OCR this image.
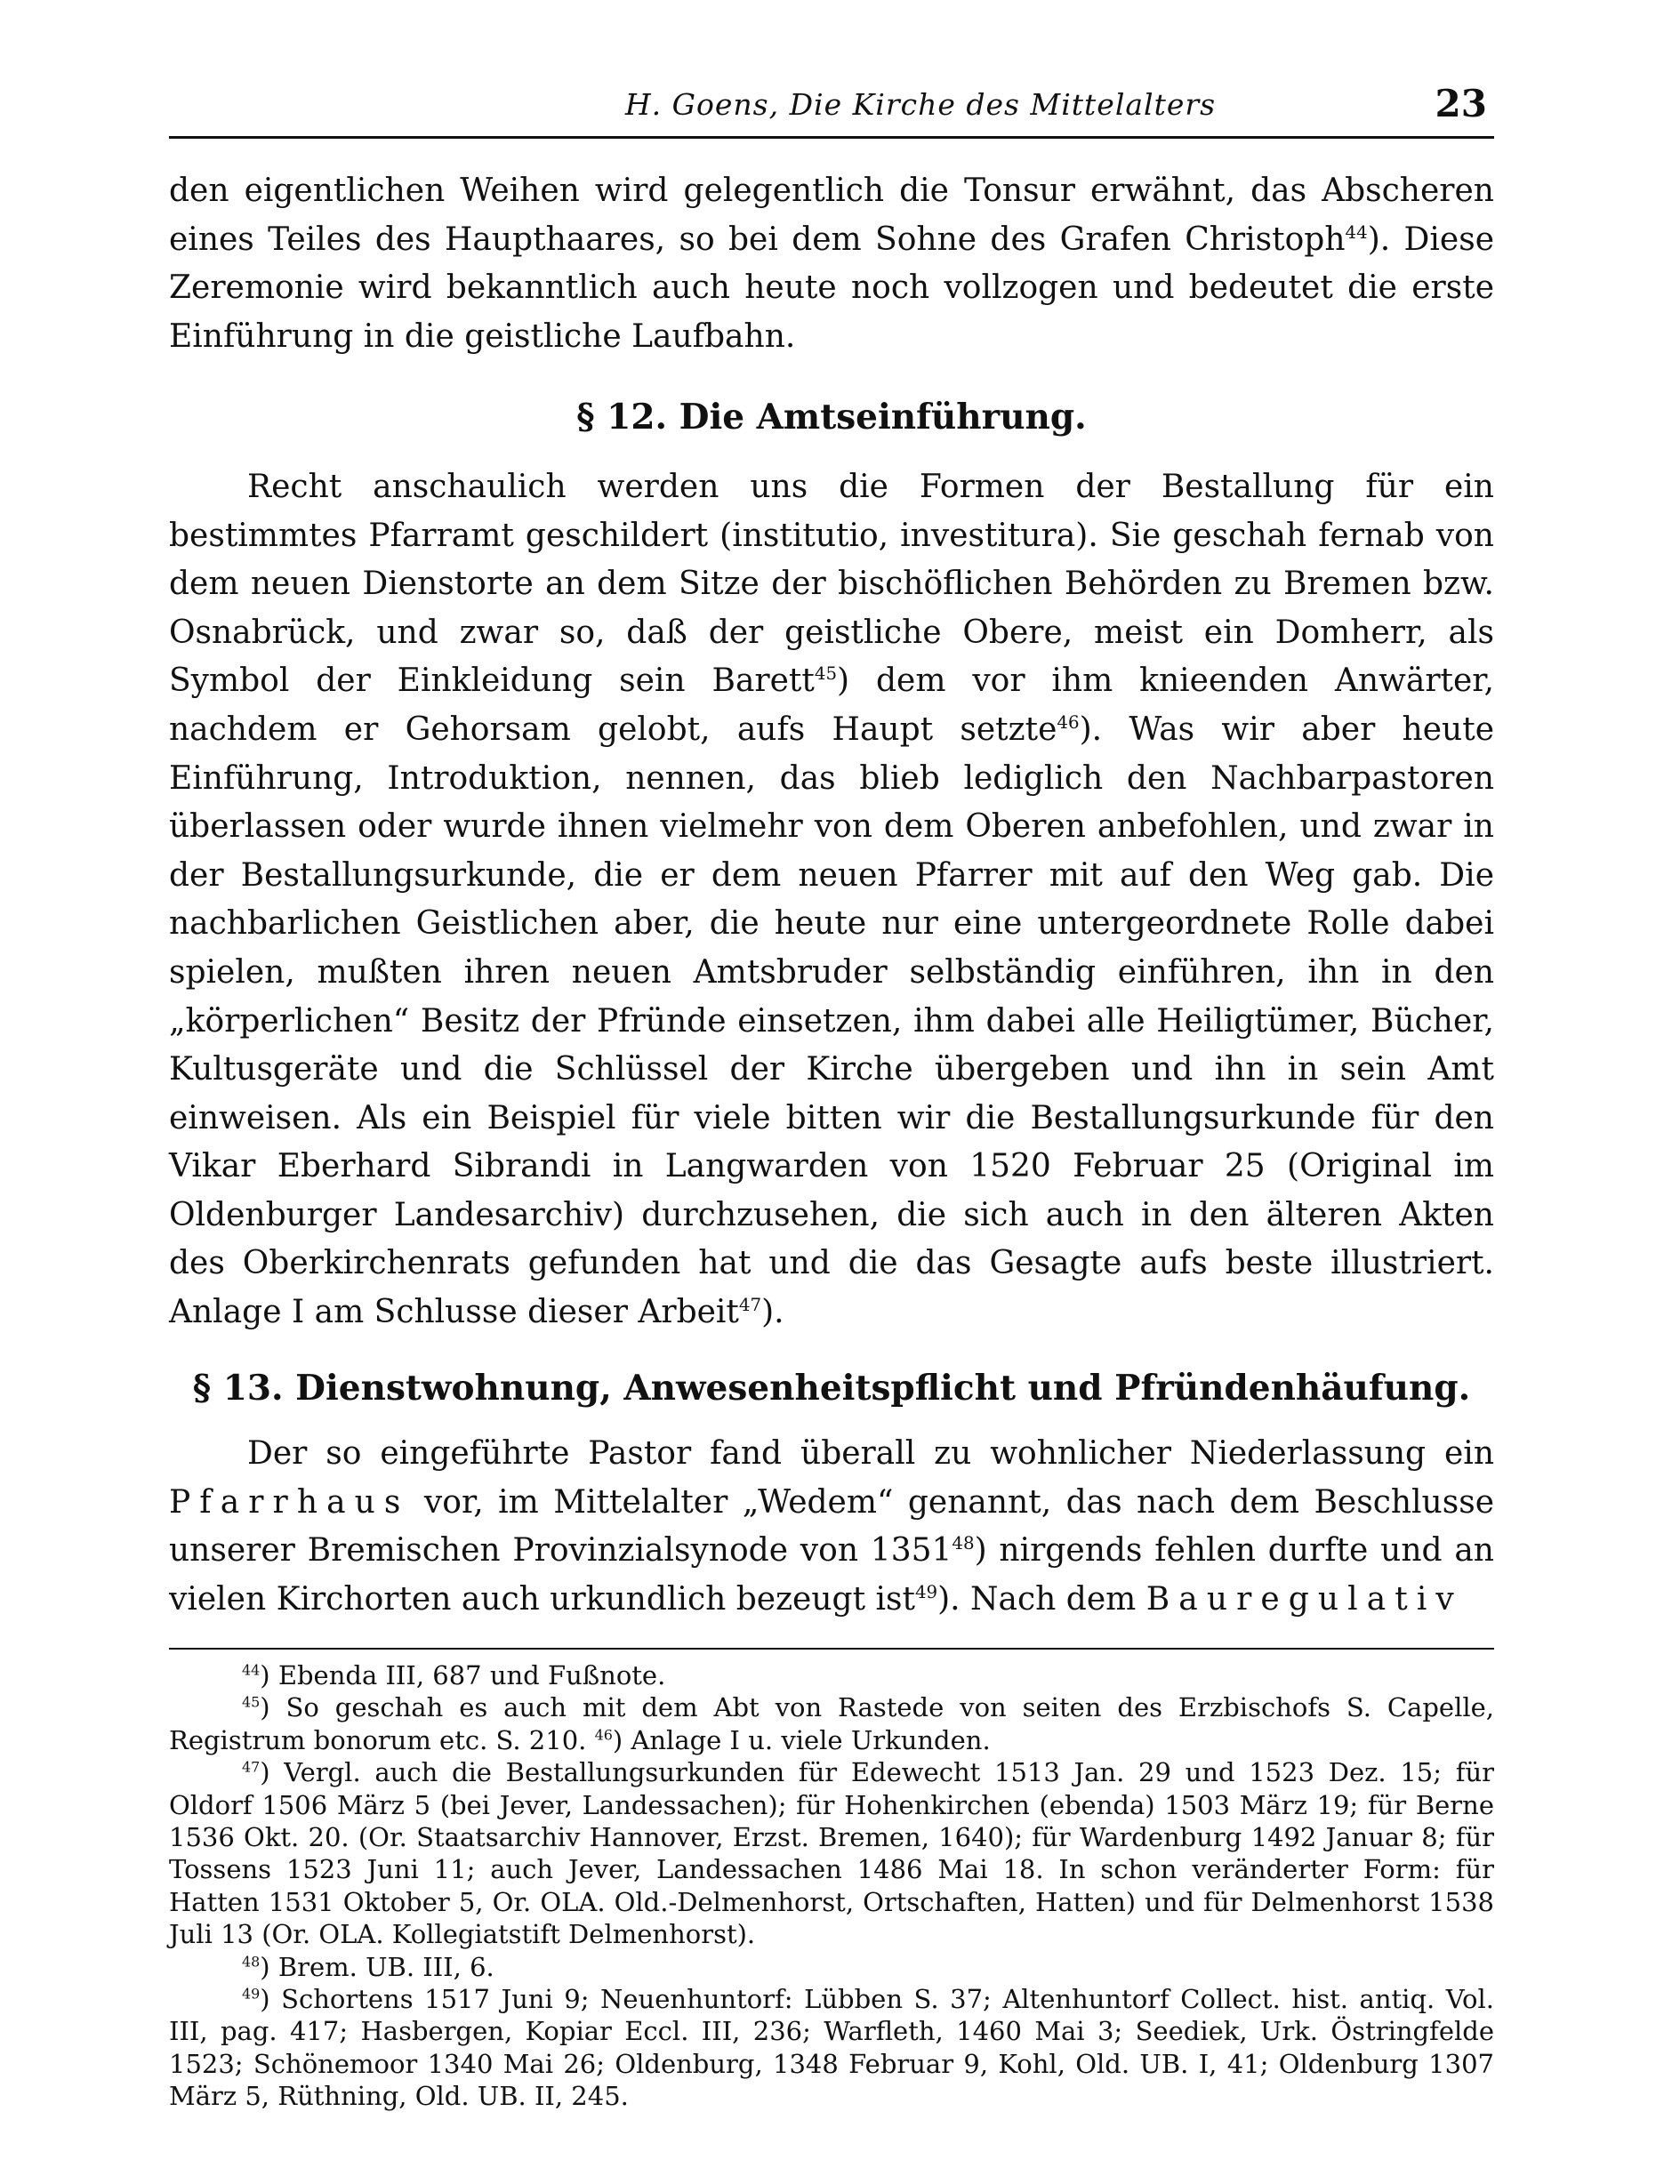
H. Goens, Die Kirche des Mittelalters	23

den eigentlichen Weihen wird gelegentlich die Tonsur erwähnt, das Abscheren eines Teiles des Haupthaares, so bei dem Sohne des Grafen Christoph$^{44}$). Diese Zeremonie wird bekanntlich auch heute noch vollzogen und bedeutet die erste Einführung in die geistliche Laufbahn.

§ 12. Die Amtseinführung.

Recht anschaulich werden uns die Formen der Bestallung für ein bestimmtes Pfarramt geschildert (institutio, investitura). Sie geschah fernab von dem neuen Dienstorte an dem Sitze der bischöflichen Behörden zu Bremen bzw. Osnabrück, und zwar so, daß der geistliche Obere, meist ein Domherr, als Symbol der Einkleidung sein Barett$^{45}$) dem vor ihm knieenden Anwärter, nachdem er Gehorsam gelobt, aufs Haupt setzte$^{46}$). Was wir aber heute Einführung, Introduktion, nennen, das blieb lediglich den Nachbarpastoren überlassen oder wurde ihnen vielmehr von dem Oberen anbefohlen, und zwar in der Bestallungsurkunde, die er dem neuen Pfarrer mit auf den Weg gab. Die nachbarlichen Geistlichen aber, die heute nur eine untergeordnete Rolle dabei spielen, mußten ihren neuen Amtsbruder selbständig einführen, ihn in den „körperlichen“ Besitz der Pfründe einsetzen, ihm dabei alle Heiligtümer, Bücher, Kultusgeräte und die Schlüssel der Kirche übergeben und ihn in sein Amt einweisen. Als ein Beispiel für viele bitten wir die Bestallungsurkunde für den Vikar Eberhard Sibrandi in Langwarden von 1520 Februar 25 (Original im Oldenburger Landesarchiv) durchzusehen, die sich auch in den älteren Akten des Oberkirchenrats gefunden hat und die das Gesagte aufs beste illustriert. Anlage I am Schlusse dieser Arbeit$^{47}$).

§ 13. Dienstwohnung, Anwesenheitspflicht und Pfründenhäufung.

Der so eingeführte Pastor fand überall zu wohnlicher Niederlassung ein Pfarrhaus vor, im Mittelalter „Wedem“ genannt, das nach dem Beschlusse unserer Bremischen Provinzialsynode von 1351$^{48}$) nirgends fehlen durfte und an vielen Kirchorten auch urkundlich bezeugt ist$^{49}$). Nach dem Bauregulativ

$^{44}$) Ebenda III, 687 und Fußnote.

$^{45}$) So geschah es auch mit dem Abt von Rastede von seiten des Erzbischofs S. Capelle, Registrum bonorum etc. S. 210. $^{46}$) Anlage I u. viele Urkunden.

$^{47}$) Vergl. auch die Bestallungsurkunden für Edewecht 1513 Jan. 29 und 1523 Dez. 15; für Oldorf 1506 März 5 (bei Jever, Landessachen); für Hohenkirchen (ebenda) 1503 März 19; für Berne 1536 Okt. 20. (Or. Staatsarchiv Hannover, Erzst. Bremen, 1640); für Wardenburg 1492 Januar 8; für Tossens 1523 Juni 11; auch Jever, Landessachen 1486 Mai 18. In schon veränderter Form: für Hatten 1531 Oktober 5, Or. OLA. Old.-Delmenhorst, Ortschaften, Hatten) und für Delmenhorst 1538 Juli 13 (Or. OLA. Kollegiatstift Delmenhorst).

$^{48}$) Brem. UB. III, 6.

$^{49}$) Schortens 1517 Juni 9; Neuenhuntorf: Lübben S. 37; Altenhuntorf Collect. hist. antiq. Vol. III, pag. 417; Hasbergen, Kopiar Eccl. III, 236; Warfleth, 1460 Mai 3; Seediek, Urk. Östringfelde 1523; Schönemoor 1340 Mai 26; Oldenburg, 1348 Februar 9, Kohl, Old. UB. I, 41; Oldenburg 1307 März 5, Rüthning, Old. UB. II, 245.
